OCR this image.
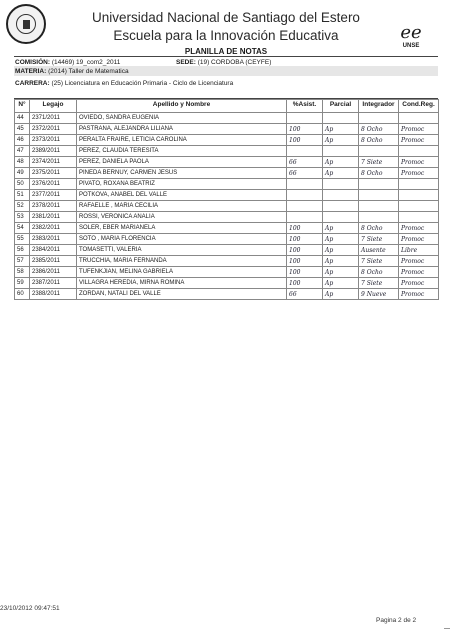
Universidad Nacional de Santiago del Estero
Escuela para la Innovación Educativa	ee
UNSE
PLANILLA DE NOTAS
COMISIÓN: (14469) 19_com2_2011	SEDE: (19) CORDOBA (CEYFE)
MATERIA: (2014) Taller de Matematica
CARRERA: (25) Licenciatura en Educación Primaria - Ciclo de Licenciatura
N°	Legajo	Apellido y Nombre	%Asist.	Parcial	Integrador	Cond.Reg.

44	2371/2011	OVIEDO, SANDRA EUGENIA				
45	2372/2011	PASTRANA, ALEJANDRA LILIANA	100	Ap	8 Ocho	Promoc
46	2373/2011	PERALTA FRAIRE, LETICIA CAROLINA	100	Ap	8 Ocho	Promoc
47	2389/2011	PEREZ, CLAUDIA TERESITA				
48	2374/2011	PEREZ, DANIELA PAOLA	66	Ap	7 Siete	Promoc
49	2375/2011	PINEDA BERNUY, CARMEN JESUS	66	Ap	8 Ocho	Promoc
50	2376/2011	PIVATO, ROXANA BEATRIZ				
51	2377/2011	POTKOVA, ANABEL DEL VALLE				
52	2378/2011	RAFAELLE , MARIA CECILIA				
53	2381/2011	ROSSI, VERONICA ANALIA				
54	2382/2011	SOLER, EBER MARIANELA	100	Ap	8 Ocho	Promoc
55	2383/2011	SOTO , MARIA FLORENCIA	100	Ap	7 Siete	Promoc
56	2384/2011	TOMASETTI, VALERIA	100	Ap	Ausente	Libre
57	2385/2011	TRUCCHIA, MARIA FERNANDA	100	Ap	7 Siete	Promoc
58	2386/2011	TUFENKJIAN, MELINA GABRIELA	100	Ap	8 Ocho	Promoc
59	2387/2011	VILLAGRA HEREDIA, MIRNA ROMINA	100	Ap	7 Siete	Promoc
60	2388/2011	ZORDAN, NATALI DEL VALLE	66	Ap	9 Nueve	Promoc
23/10/2012 09:47:51
Pagina 2 de 2
